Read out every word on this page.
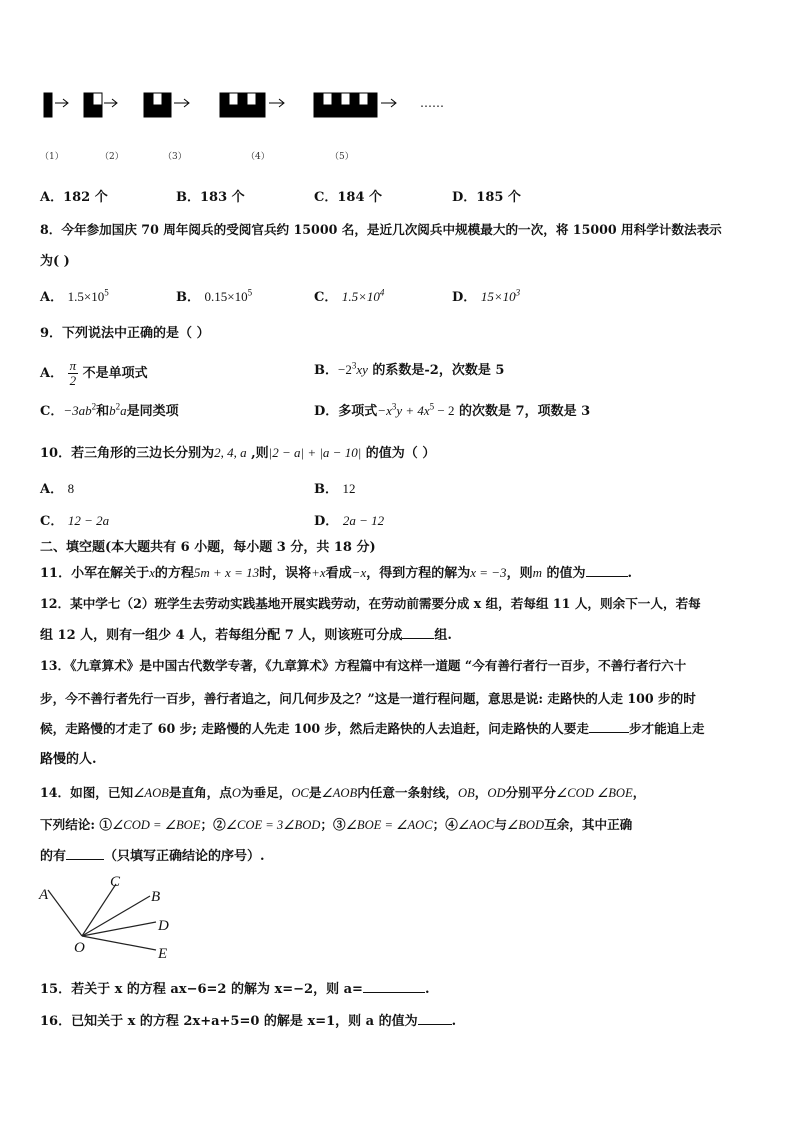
……
（1）	（2）	（3）	（4）	（5）
A．182 个	B．183 个	C．184 个	D．185 个
8．今年参加国庆 70 周年阅兵的受阅官兵约 15000 名，是近几次阅兵中规模最大的一次，将 15000 用科学计数法表示
为( )
A． $1.5\times 10^5$	B． $0.15\times 10^5$	C． $1.5\times 10^4$	D． $15\times 10^3$
9．下列说法中正确的是（ ）
A． $\frac{\pi}{2}$ 不是单项式	B．$-2^3xy$ 的系数是-2，次数是 5
C．$-3ab^2$和$b^2a$是同类项	D．多项式$-x^3y + 4x^5 - 2$ 的次数是 7，项数是 3
10．若三角形的三边长分别为2, 4, a ,则|2 − a| + |a − 10| 的值为（ ）
A． 8	B． 12
C． 12 − 2a	D． 2a − 12
二、填空题(本大题共有 6 小题，每小题 3 分，共 18 分)
11．小军在解关于x的方程5m + x = 13时，误将+x看成−x，得到方程的解为x = −3，则m 的值为	.
12．某中学七（2）班学生去劳动实践基地开展实践劳动，在劳动前需要分成 x 组，若每组 11 人，则余下一人，若每
组 12 人，则有一组少 4 人，若每组分配 7 人，则该班可分成 组.
13．《九章算术》是中国古代数学专著，《九章算术》方程篇中有这样一道题 “今有善行者行一百步，不善行者行六十
步，今不善行者先行一百步，善行者追之，问几何步及之？”这是一道行程问题，意思是说: 走路快的人走 100 步的时
候，走路慢的才走了 60 步; 走路慢的人先走 100 步，然后走路快的人去追赶，问走路快的人要走	步才能追上走
路慢的人.
14．如图，已知∠AOB是直角，点O为垂足，OC是∠AOB内任意一条射线，OB，OD分别平分∠COD ∠BOE，
下列结论: ①∠COD = ∠BOE；②∠COE = 3∠BOD；③∠BOE = ∠AOC；④∠AOC与∠BOD互余，其中正确
的有	（只填写正确结论的序号）.
A
C
B
D
E
O
15．若关于 x 的方程 ax−6=2 的解为 x=−2，则 a=	.
16．已知关于 x 的方程 2x+a+5=0 的解是 x=1，则 a 的值为	.
